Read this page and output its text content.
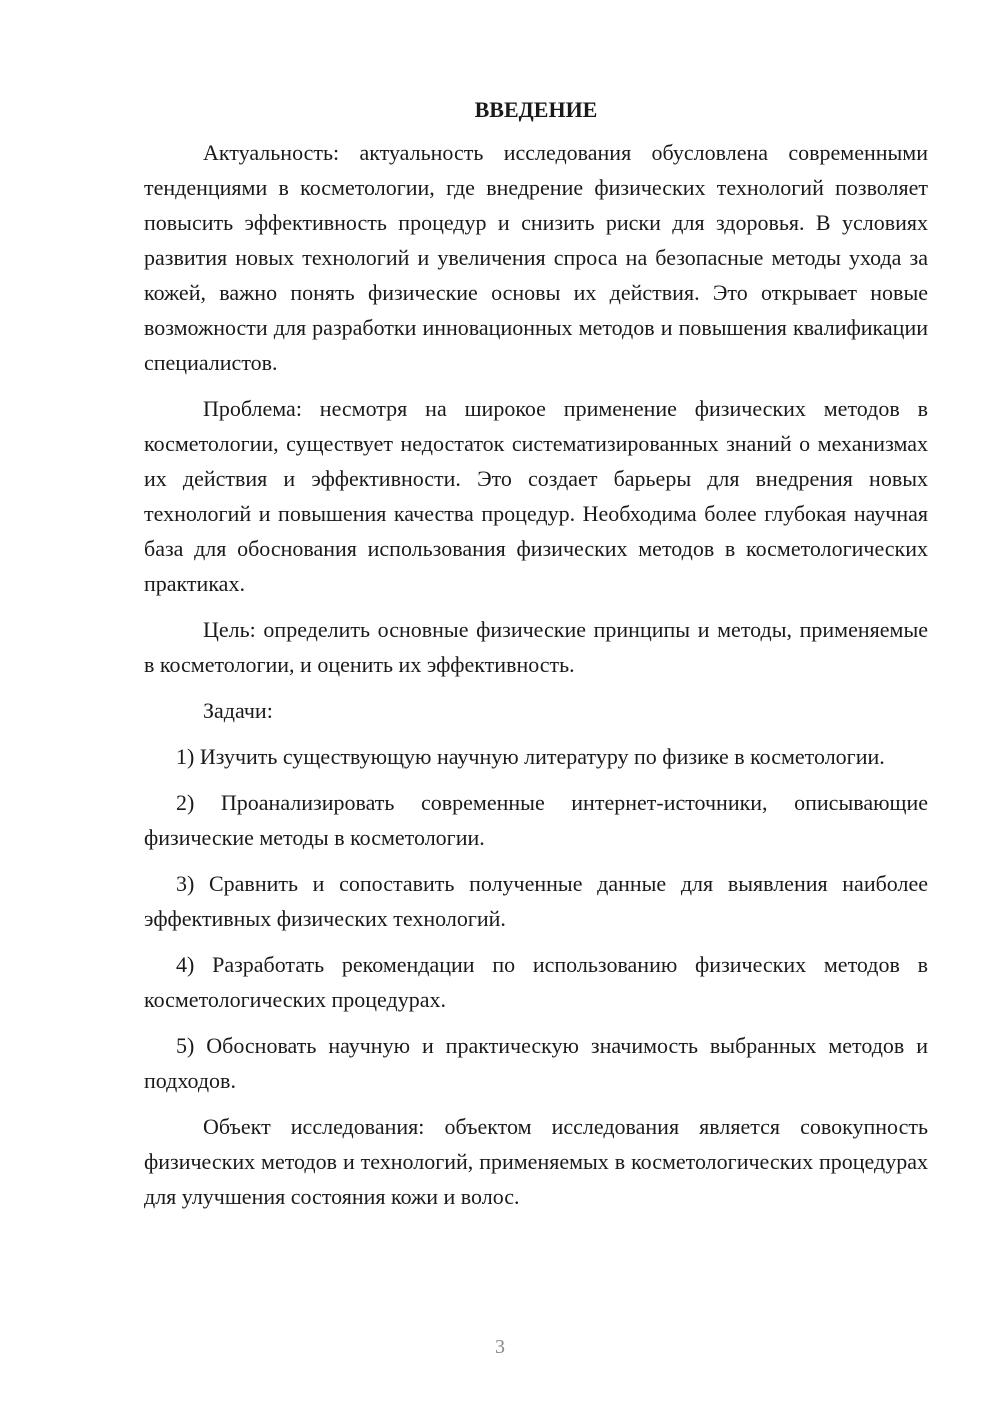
ВВЕДЕНИЕ

Актуальность: актуальность исследования обусловлена современными тенденциями в косметологии, где внедрение физических технологий позволяет повысить эффективность процедур и снизить риски для здоровья. В условиях развития новых технологий и увеличения спроса на безопасные методы ухода за кожей, важно понять физические основы их действия. Это открывает новые возможности для разработки инновационных методов и повышения квалификации специалистов.

Проблема: несмотря на широкое применение физических методов в косметологии, существует недостаток систематизированных знаний о механизмах их действия и эффективности. Это создает барьеры для внедрения новых технологий и повышения качества процедур. Необходима более глубокая научная база для обоснования использования физических методов в косметологических практиках.

Цель: определить основные физические принципы и методы, применяемые в косметологии, и оценить их эффективность.

Задачи:

1) Изучить существующую научную литературу по физике в косметологии.

2) Проанализировать современные интернет-источники, описывающие физические методы в косметологии.

3) Сравнить и сопоставить полученные данные для выявления наиболее эффективных физических технологий.

4) Разработать рекомендации по использованию физических методов в косметологических процедурах.

5) Обосновать научную и практическую значимость выбранных методов и подходов.

Объект исследования: объектом исследования является совокупность физических методов и технологий, применяемых в косметологических процедурах для улучшения состояния кожи и волос.

3
